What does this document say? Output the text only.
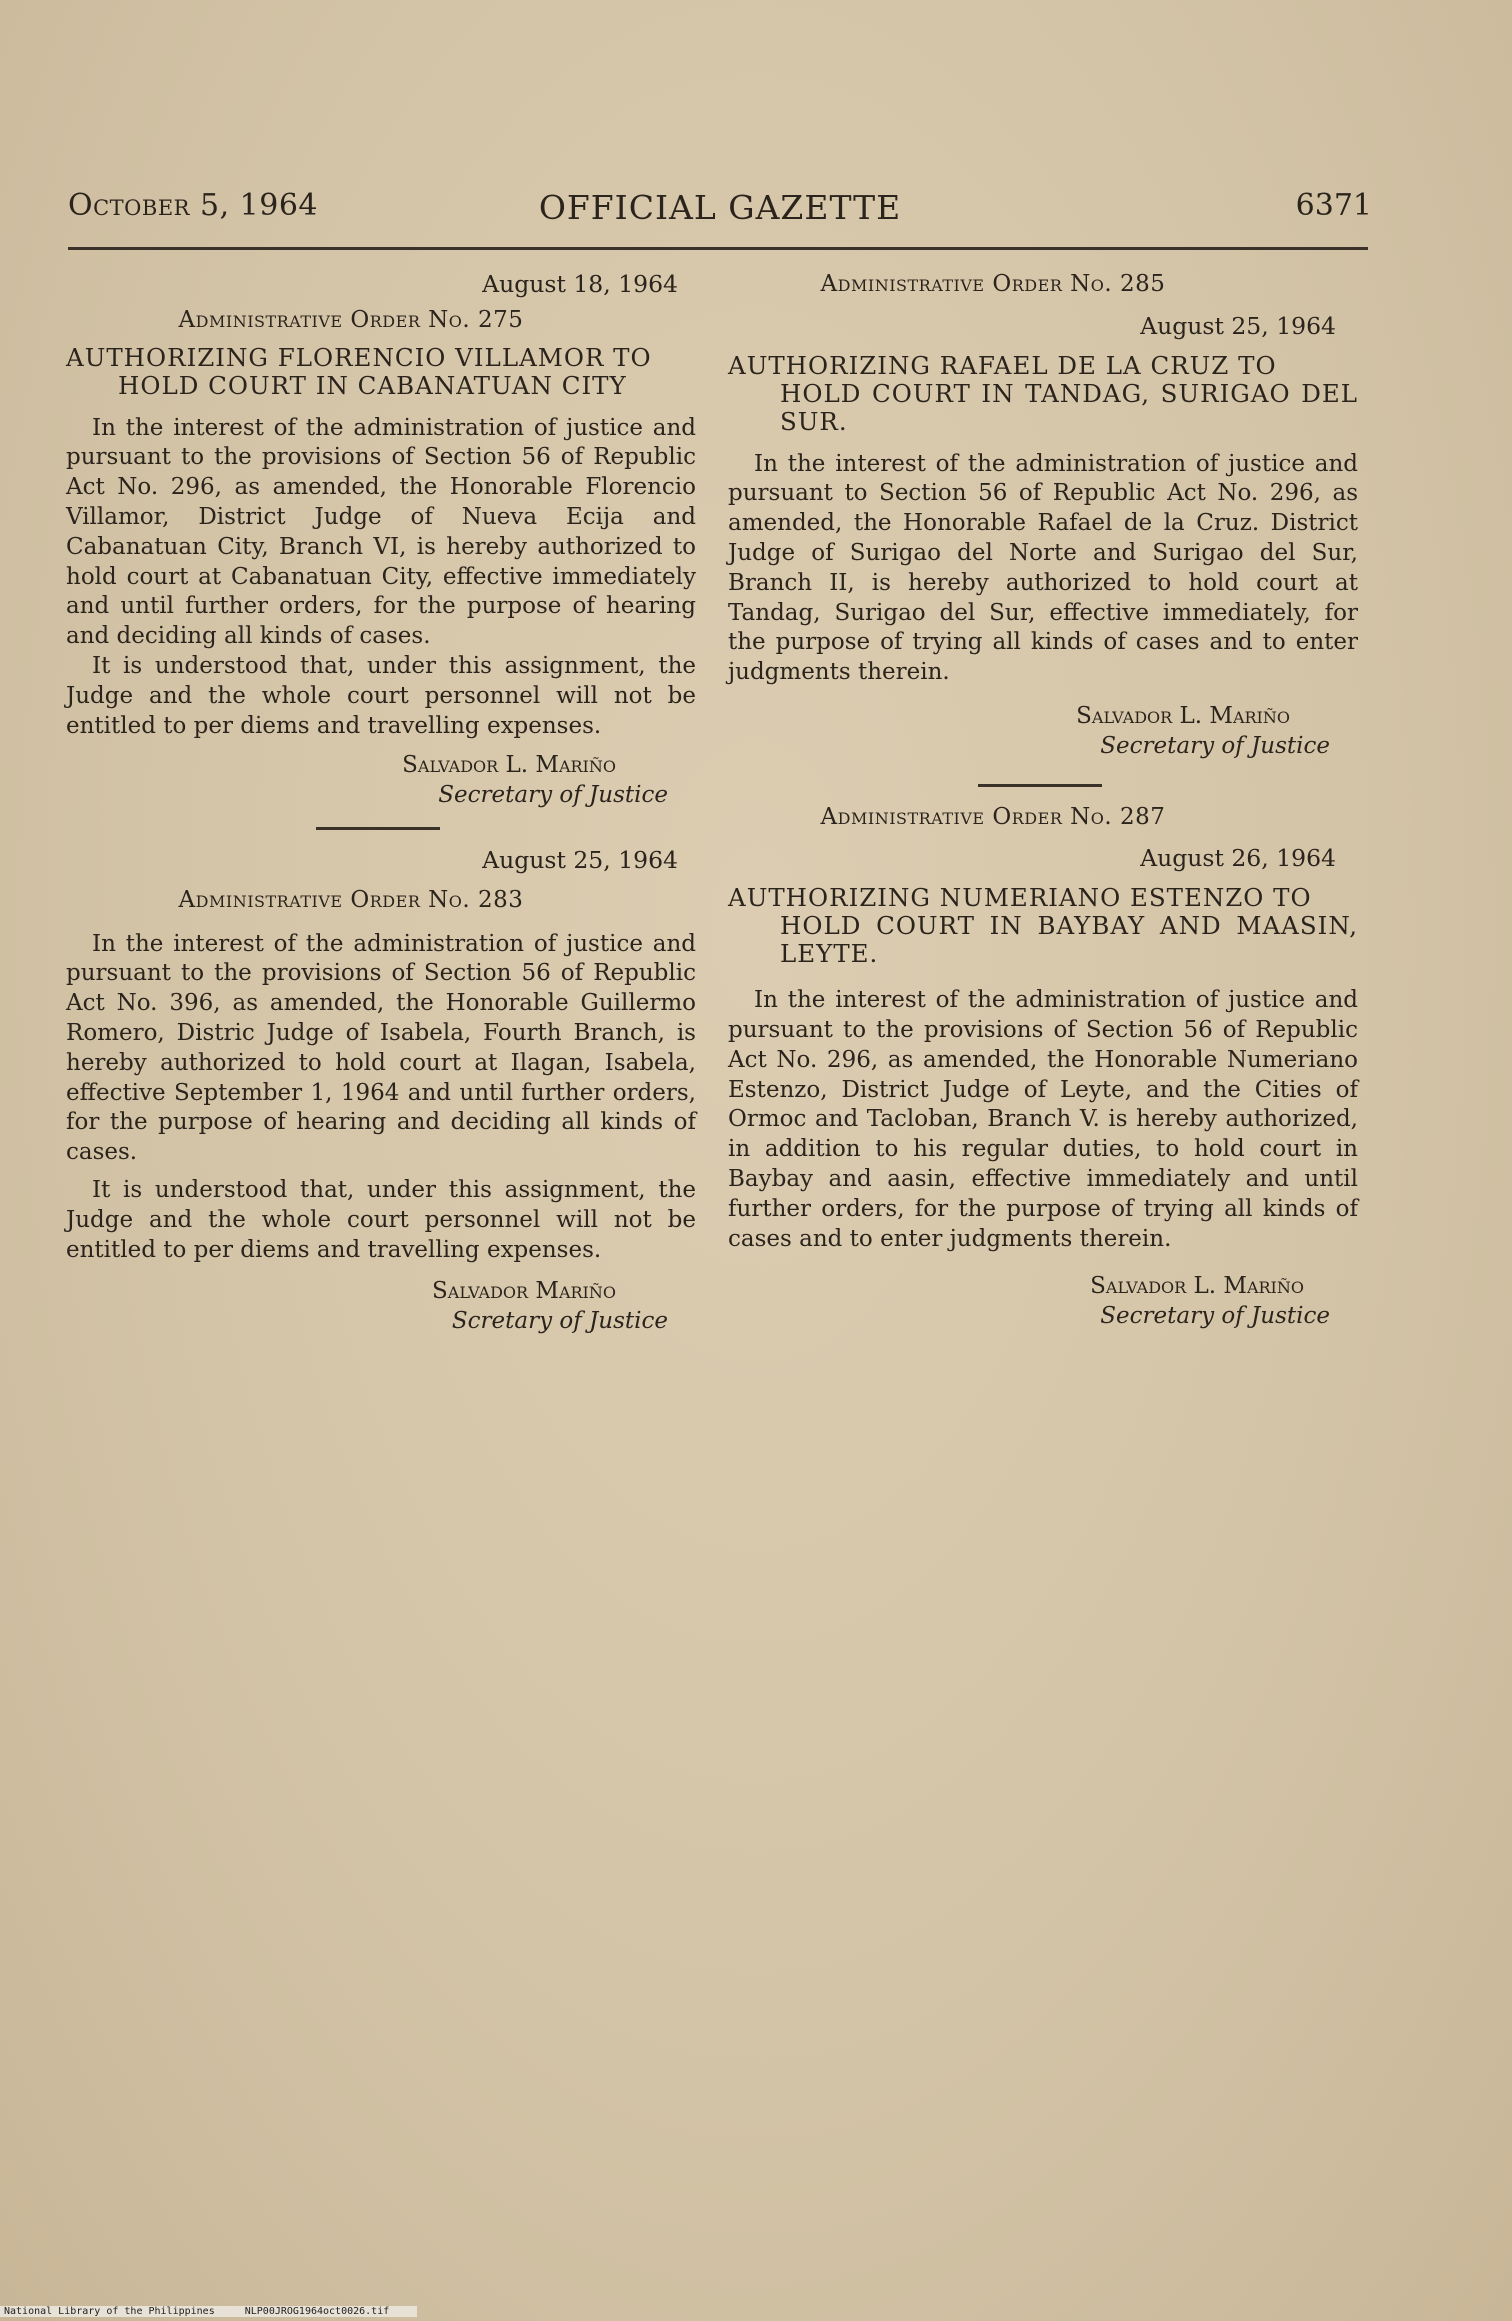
October 5, 1964	OFFICIAL GAZETTE	6371

August 18, 1964

Administrative Order No. 275

AUTHORIZING FLORENCIO VILLAMOR TO
HOLD COURT IN CABANATUAN CITY

In the interest of the administration of justice and pursuant to the provisions of Section 56 of Republic Act No. 296, as amended, the Honorable Florencio Villamor, District Judge of Nueva Ecija and Cabanatuan City, Branch VI, is hereby authorized to hold court at Cabanatuan City, effective immediately and until further orders, for the purpose of hearing and deciding all kinds of cases.

It is understood that, under this assignment, the Judge and the whole court personnel will not be entitled to per diems and travelling expenses.

Salvador L. Mariño

Secretary of Justice

August 25, 1964

Administrative Order No. 283

In the interest of the administration of justice and pursuant to the provisions of Section 56 of Republic Act No. 396, as amended, the Honorable Guillermo Romero, Distric Judge of Isabela, Fourth Branch, is hereby authorized to hold court at Ilagan, Isabela, effective September 1, 1964 and until further orders, for the purpose of hearing and deciding all kinds of cases.

It is understood that, under this assignment, the Judge and the whole court personnel will not be entitled to per diems and travelling expenses.

Salvador Mariño

Scretary of Justice

Administrative Order No. 285

August 25, 1964

AUTHORIZING RAFAEL DE LA CRUZ TO
HOLD COURT IN TANDAG, SURIGAO DEL SUR.

In the interest of the administration of justice and pursuant to Section 56 of Republic Act No. 296, as amended, the Honorable Rafael de la Cruz. District Judge of Surigao del Norte and Surigao del Sur, Branch II, is hereby authorized to hold court at Tandag, Surigao del Sur, effective immediately, for the purpose of trying all kinds of cases and to enter judgments therein.

Salvador L. Mariño

Secretary of Justice

Administrative Order No. 287

August 26, 1964

AUTHORIZING NUMERIANO ESTENZO TO
HOLD COURT IN BAYBAY AND MAASIN, LEYTE.

In the interest of the administration of justice and pursuant to the provisions of Section 56 of Republic Act No. 296, as amended, the Honorable Numeriano Estenzo, District Judge of Leyte, and the Cities of Ormoc and Tacloban, Branch V. is hereby authorized, in addition to his regular duties, to hold court in Baybay and aasin, effective immediately and until further orders, for the purpose of trying all kinds of cases and to enter judgments therein.

Salvador L. Mariño

Secretary of Justice

National Library of the Philippines	NLP00JROG1964oct0026.tif
